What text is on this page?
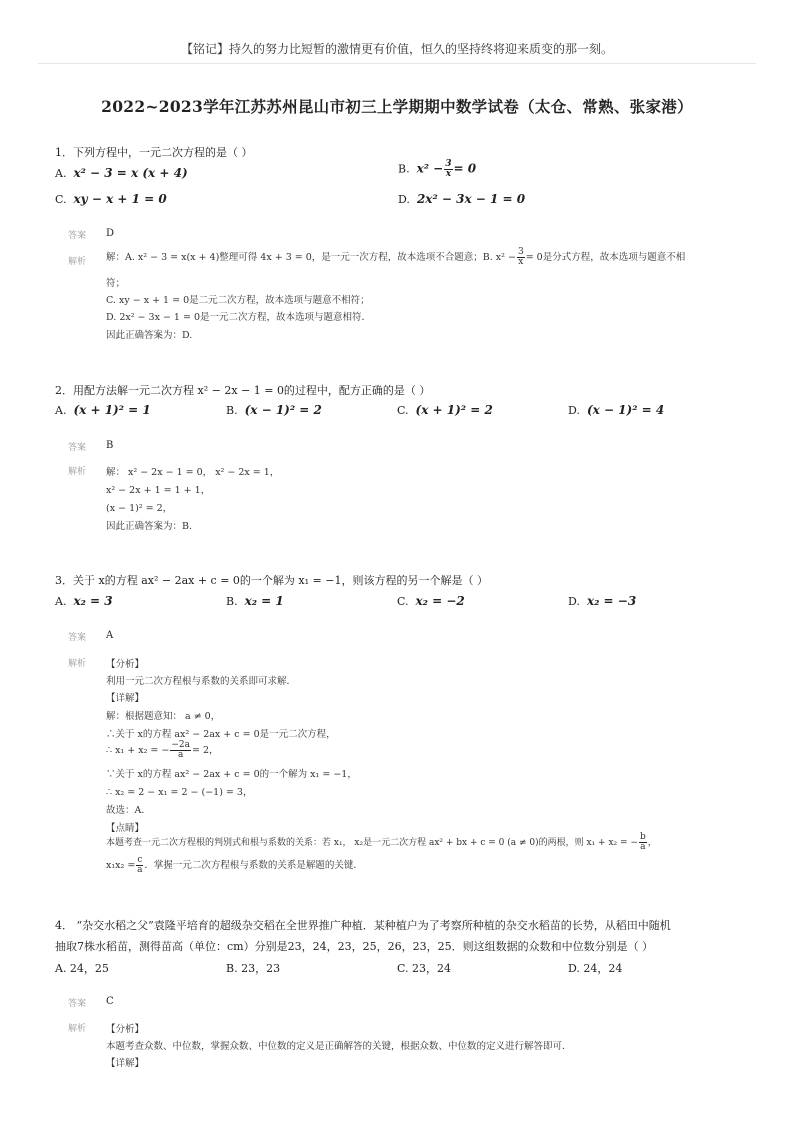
【铭记】持久的努力比短暂的激情更有价值，恒久的坚持终将迎来质变的那一刻。
2022~2023学年江苏苏州昆山市初三上学期期中数学试卷（太仓、常熟、张家港）
1．下列方程中，一元二次方程的是（ ）
A. x² − 3 = x (x + 4)	B. $x^2 - \frac{3}{x} = 0$
C. xy − x + 1 = 0	D. 2x² − 3x − 1 = 0
答案 D
解析 解：A. x² − 3 = x(x + 4)整理可得 4x + 3 = 0，是一元一次方程，故本选项不合题意；B. $x^2 - \frac{3}{x} = 0$是分式方程，故本选项与题意不相
符；
C. xy − x + 1 = 0是二元二次方程，故本选项与题意不相符；
D. 2x² − 3x − 1 = 0是一元二次方程，故本选项与题意相符．
因此正确答案为：D.
2．用配方法解一元二次方程 x² − 2x − 1 = 0的过程中，配方正确的是（ ）
A. (x + 1)² = 1	B. (x − 1)² = 2	C. (x + 1)² = 2	D. (x − 1)² = 4
答案 B
解析 解： x² − 2x − 1 = 0， x² − 2x = 1，
x² − 2x + 1 = 1 + 1，
(x − 1)² = 2，
因此正确答案为：B.
3．关于 x的方程 ax² − 2ax + c = 0的一个解为 x₁ = −1，则该方程的另一个解是（ ）
A. x₂ = 3	B. x₂ = 1	C. x₂ = −2	D. x₂ = −3
答案 A
解析 【分析】
利用一元二次方程根与系数的关系即可求解．
【详解】
解：根据题意知： a ≠ 0，
∴关于 x的方程 ax² − 2ax + c = 0是一元二次方程，
∴ x₁ + x₂ = − $\frac{-2a}{a} = 2$，
∵关于 x的方程 ax² − 2ax + c = 0的一个解为 x₁ = −1，
∴ x₂ = 2 − x₁ = 2 − (−1) = 3，
故选：A．
【点睛】
本题考查一元二次方程根的判别式和根与系数的关系：若 x₁， x₂是一元二次方程 ax² + bx + c = 0 (a ≠ 0)的两根，则 x₁ + x₂ = − $\frac{b}{a}$ ，
$x_1x_2 = \frac{c}{a}$ ．掌握一元二次方程根与系数的关系是解题的关键．
4． “杂交水稻之父”袁隆平培育的超级杂交稻在全世界推广种植．某种植户为了考察所种植的杂交水稻苗的长势，从稻田中随机
抽取7株水稻苗，测得苗高（单位：cm）分别是23，24，23，25，26，23，25．则这组数据的众数和中位数分别是（ ）
A. 24，25	B. 23，23	C. 23，24	D. 24，24
答案 C
解析 【分析】
本题考查众数、中位数，掌握众数、中位数的定义是正确解答的关键，根据众数、中位数的定义进行解答即可．
【详解】
